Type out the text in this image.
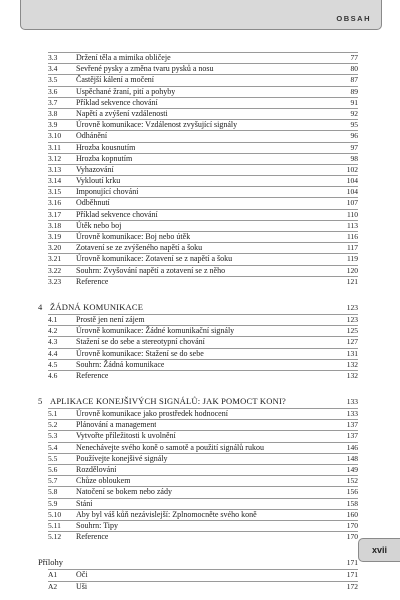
OBSAH
3.3	Držení těla a mimika obličeje	77
3.4	Sevřené pysky a změna tvaru pysků a nosu	80
3.5	Častější kálení a močení	87
3.6	Uspěchané žraní, pití a pohyby	89
3.7	Příklad sekvence chování	91
3.8	Napětí a zvýšení vzdálenosti	92
3.9	Úrovně komunikace: Vzdálenost zvyšující signály	95
3.10	Odhánění	96
3.11	Hrozba kousnutím	97
3.12	Hrozba kopnutím	98
3.13	Vyhazování	102
3.14	Vykloutí krku	104
3.15	Imponující chování	104
3.16	Odběhnutí	107
3.17	Příklad sekvence chování	110
3.18	Útěk nebo boj	113
3.19	Úrovně komunikace: Boj nebo útěk	116
3.20	Zotavení se ze zvýšeného napětí a šoku	117
3.21	Úrovně komunikace: Zotavení se z napětí a šoku	119
3.22	Souhrn: Zvyšování napětí a zotavení se z něho	120
3.23	Reference	121
4 ŽÁDNÁ KOMUNIKACE	123
4.1	Prostě jen není zájem	123
4.2	Úrovně komunikace: Žádné komunikační signály	125
4.3	Stažení se do sebe a stereotypní chování	127
4.4	Úrovně komunikace: Stažení se do sebe	131
4.5	Souhrn: Žádná komunikace	132
4.6	Reference	132
5 APLIKACE KONEJŠIVÝCH SIGNÁLŮ: JAK POMOCT KONI?	133
5.1	Úrovně komunikace jako prostředek hodnocení	133
5.2	Plánování a management	137
5.3	Vytvořte příležitosti k uvolnění	137
5.4	Nenechávejte svého koně o samotě a použití signálů rukou	146
5.5	Používejte konejšivé signály	148
5.6	Rozdělování	149
5.7	Chůze obloukem	152
5.8	Natočení se bokem nebo zády	156
5.9	Stání	158
5.10	Aby byl váš kůň nezávislejší: Zplnomocněte svého koně	160
5.11	Souhrn: Tipy	170
5.12	Reference	170
Přílohy	171
A1	Oči	171
A2	Uši	172
xvii
